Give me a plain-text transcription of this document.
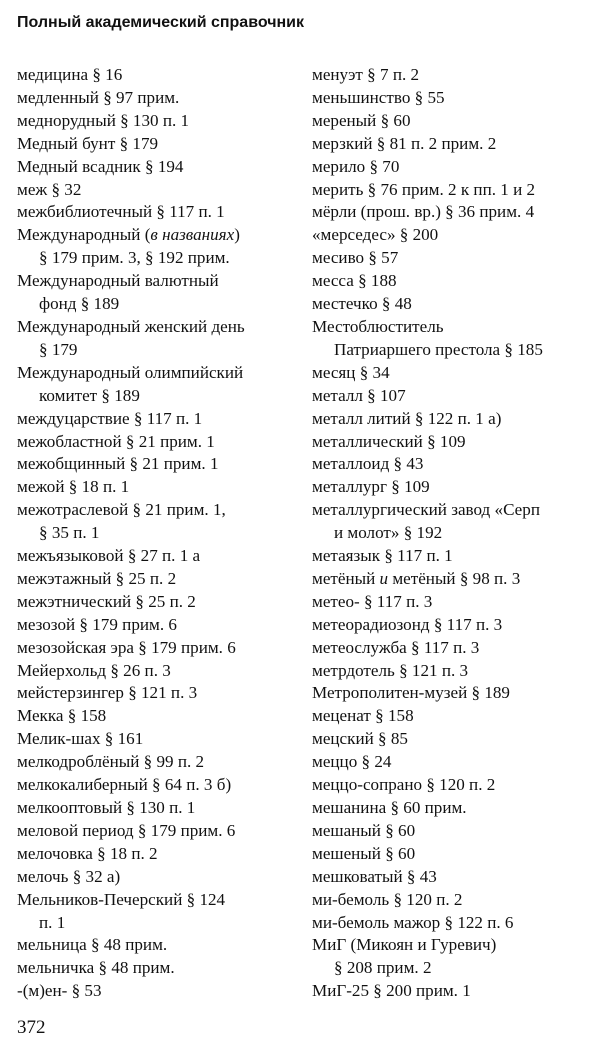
Полный академический справочник
медицина § 16
медленный § 97 прим.
меднорудный § 130 п. 1
Медный бунт § 179
Медный всадник § 194
меж § 32
межбиблиотечный § 117 п. 1
Международный (в названиях)
§ 179 прим. 3, § 192 прим.
Международный валютный
фонд § 189
Международный женский день
§ 179
Международный олимпийский
комитет § 189
междуцарствие § 117 п. 1
межобластной § 21 прим. 1
межобщинный § 21 прим. 1
межой § 18 п. 1
межотраслевой § 21 прим. 1,
§ 35 п. 1
межъязыковой § 27 п. 1 а
межэтажный § 25 п. 2
межэтнический § 25 п. 2
мезозой § 179 прим. 6
мезозойская эра § 179 прим. 6
Мейерхольд § 26 п. 3
мейстерзингер § 121 п. 3
Мекка § 158
Мелик-шах § 161
мелкодроблёный § 99 п. 2
мелкокалиберный § 64 п. 3 б)
мелкооптовый § 130 п. 1
меловой период § 179 прим. 6
мелочовка § 18 п. 2
мелочь § 32 а)
Мельников-Печерский § 124
п. 1
мельница § 48 прим.
мельничка § 48 прим.
-(м)ен- § 53
менуэт § 7 п. 2
меньшинство § 55
мереный § 60
мерзкий § 81 п. 2 прим. 2
мерило § 70
мерить § 76 прим. 2 к пп. 1 и 2
мёрли (прош. вр.) § 36 прим. 4
«мерседес» § 200
месиво § 57
месса § 188
местечко § 48
Местоблюститель
Патриаршего престола § 185
месяц § 34
металл § 107
металл литий § 122 п. 1 а)
металлический § 109
металлоид § 43
металлург § 109
металлургический завод «Серп
и молот» § 192
метаязык § 117 п. 1
метёный и метёный § 98 п. 3
метео- § 117 п. 3
метеорадиозонд § 117 п. 3
метеослужба § 117 п. 3
метрдотель § 121 п. 3
Метрополитен-музей § 189
меценат § 158
мецский § 85
меццо § 24
меццо-сопрано § 120 п. 2
мешанина § 60 прим.
мешаный § 60
мешеный § 60
мешковатый § 43
ми-бемоль § 120 п. 2
ми-бемоль мажор § 122 п. 6
МиГ (Микоян и Гуревич)
§ 208 прим. 2
МиГ-25 § 200 прим. 1
372
